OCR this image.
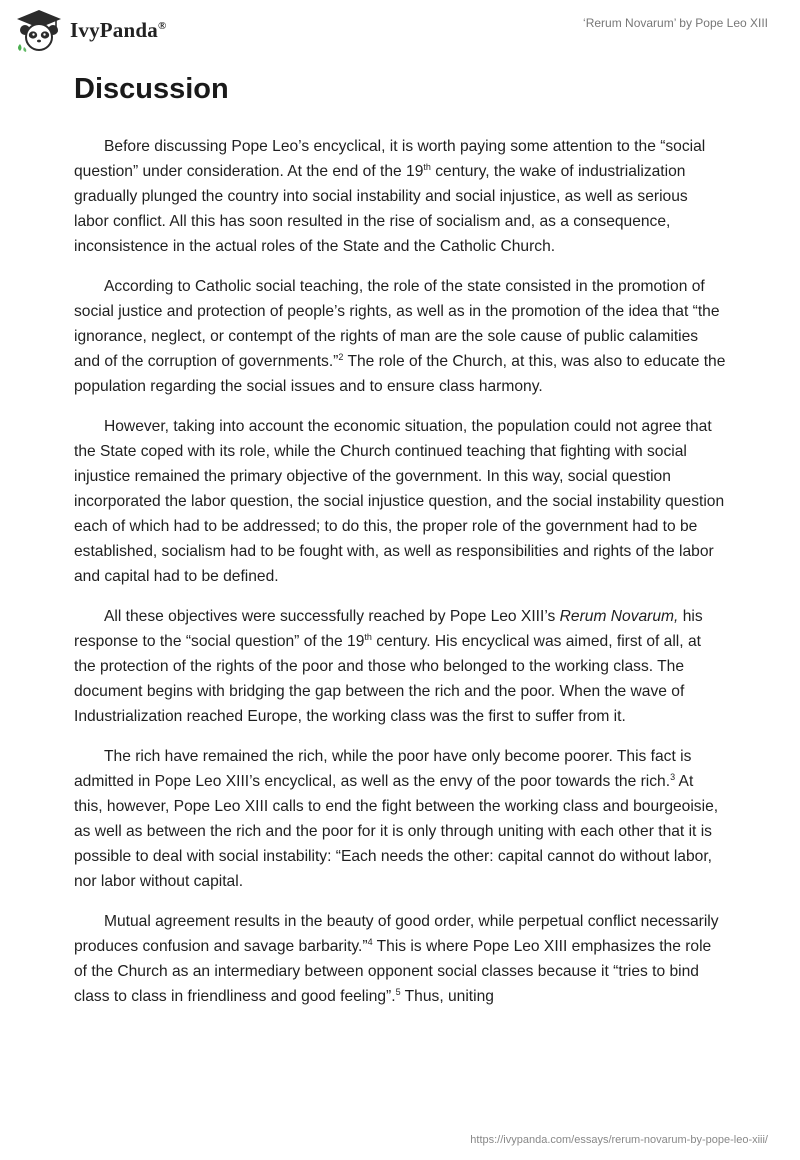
IvyPanda®	‘Rerum Novarum’ by Pope Leo XIII
Discussion

Before discussing Pope Leo’s encyclical, it is worth paying some attention to the “social question” under consideration. At the end of the 19th century, the wake of industrialization gradually plunged the country into social instability and social injustice, as well as serious labor conflict. All this has soon resulted in the rise of socialism and, as a consequence, inconsistence in the actual roles of the State and the Catholic Church.

According to Catholic social teaching, the role of the state consisted in the promotion of social justice and protection of people’s rights, as well as in the promotion of the idea that “the ignorance, neglect, or contempt of the rights of man are the sole cause of public calamities and of the corruption of governments.”$^2$ The role of the Church, at this, was also to educate the population regarding the social issues and to ensure class harmony.

However, taking into account the economic situation, the population could not agree that the State coped with its role, while the Church continued teaching that fighting with social injustice remained the primary objective of the government. In this way, social question incorporated the labor question, the social injustice question, and the social instability question each of which had to be addressed; to do this, the proper role of the government had to be established, socialism had to be fought with, as well as responsibilities and rights of the labor and capital had to be defined.

All these objectives were successfully reached by Pope Leo XIII’s Rerum Novarum, his response to the “social question” of the 19th century. His encyclical was aimed, first of all, at the protection of the rights of the poor and those who belonged to the working class. The document begins with bridging the gap between the rich and the poor. When the wave of Industrialization reached Europe, the working class was the first to suffer from it.

The rich have remained the rich, while the poor have only become poorer. This fact is admitted in Pope Leo XIII’s encyclical, as well as the envy of the poor towards the rich.$^3$ At this, however, Pope Leo XIII calls to end the fight between the working class and bourgeoisie, as well as between the rich and the poor for it is only through uniting with each other that it is possible to deal with social instability: “Each needs the other: capital cannot do without labor, nor labor without capital.

Mutual agreement results in the beauty of good order, while perpetual conflict necessarily produces confusion and savage barbarity.”$^4$ This is where Pope Leo XIII emphasizes the role of the Church as an intermediary between opponent social classes because it “tries to bind class to class in friendliness and good feeling”.$^5$ Thus, uniting

https://ivypanda.com/essays/rerum-novarum-by-pope-leo-xiii/
